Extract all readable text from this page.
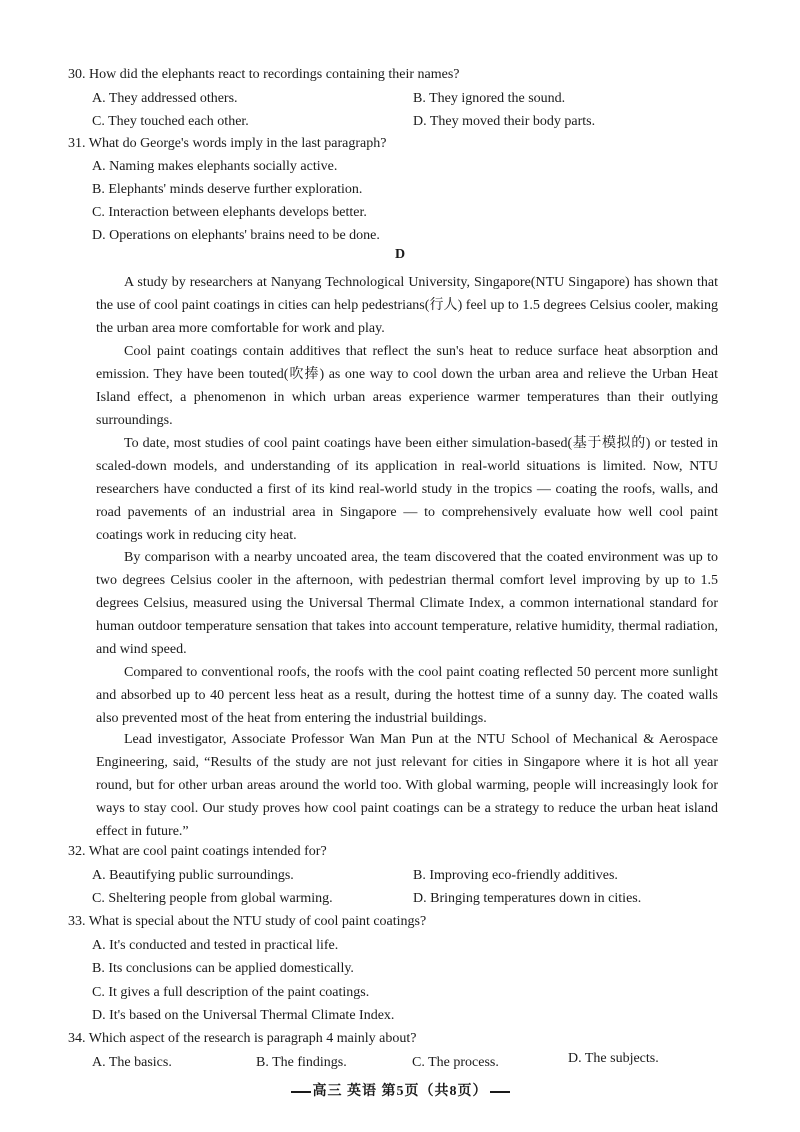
30. How did the elephants react to recordings containing their names?
A. They addressed others.	B. They ignored the sound.
C. They touched each other.	D. They moved their body parts.
31. What do George's words imply in the last paragraph?
A. Naming makes elephants socially active.
B. Elephants' minds deserve further exploration.
C. Interaction between elephants develops better.
D. Operations on elephants' brains need to be done.
D
A study by researchers at Nanyang Technological University, Singapore(NTU Singapore) has shown that the use of cool paint coatings in cities can help pedestrians(行人) feel up to 1.5 degrees Celsius cooler, making the urban area more comfortable for work and play.
Cool paint coatings contain additives that reflect the sun's heat to reduce surface heat absorption and emission. They have been touted(吹捧) as one way to cool down the urban area and relieve the Urban Heat Island effect, a phenomenon in which urban areas experience warmer temperatures than their outlying surroundings.
To date, most studies of cool paint coatings have been either simulation-based(基于模拟的) or tested in scaled-down models, and understanding of its application in real-world situations is limited. Now, NTU researchers have conducted a first of its kind real-world study in the tropics — coating the roofs, walls, and road pavements of an industrial area in Singapore — to comprehensively evaluate how well cool paint coatings work in reducing city heat.
By comparison with a nearby uncoated area, the team discovered that the coated environment was up to two degrees Celsius cooler in the afternoon, with pedestrian thermal comfort level improving by up to 1.5 degrees Celsius, measured using the Universal Thermal Climate Index, a common international standard for human outdoor temperature sensation that takes into account temperature, relative humidity, thermal radiation, and wind speed.
Compared to conventional roofs, the roofs with the cool paint coating reflected 50 percent more sunlight and absorbed up to 40 percent less heat as a result, during the hottest time of a sunny day. The coated walls also prevented most of the heat from entering the industrial buildings.
Lead investigator, Associate Professor Wan Man Pun at the NTU School of Mechanical & Aerospace Engineering, said, “Results of the study are not just relevant for cities in Singapore where it is hot all year round, but for other urban areas around the world too. With global warming, people will increasingly look for ways to stay cool. Our study proves how cool paint coatings can be a strategy to reduce the urban heat island effect in future.”
32. What are cool paint coatings intended for?
A. Beautifying public surroundings.	B. Improving eco-friendly additives.
C. Sheltering people from global warming.	D. Bringing temperatures down in cities.
33. What is special about the NTU study of cool paint coatings?
A. It's conducted and tested in practical life.
B. Its conclusions can be applied domestically.
C. It gives a full description of the paint coatings.
D. It's based on the Universal Thermal Climate Index.
34. Which aspect of the research is paragraph 4 mainly about?
A. The basics.	B. The findings.	C. The process.	D. The subjects.
高三 英语 第5页（共8页）
